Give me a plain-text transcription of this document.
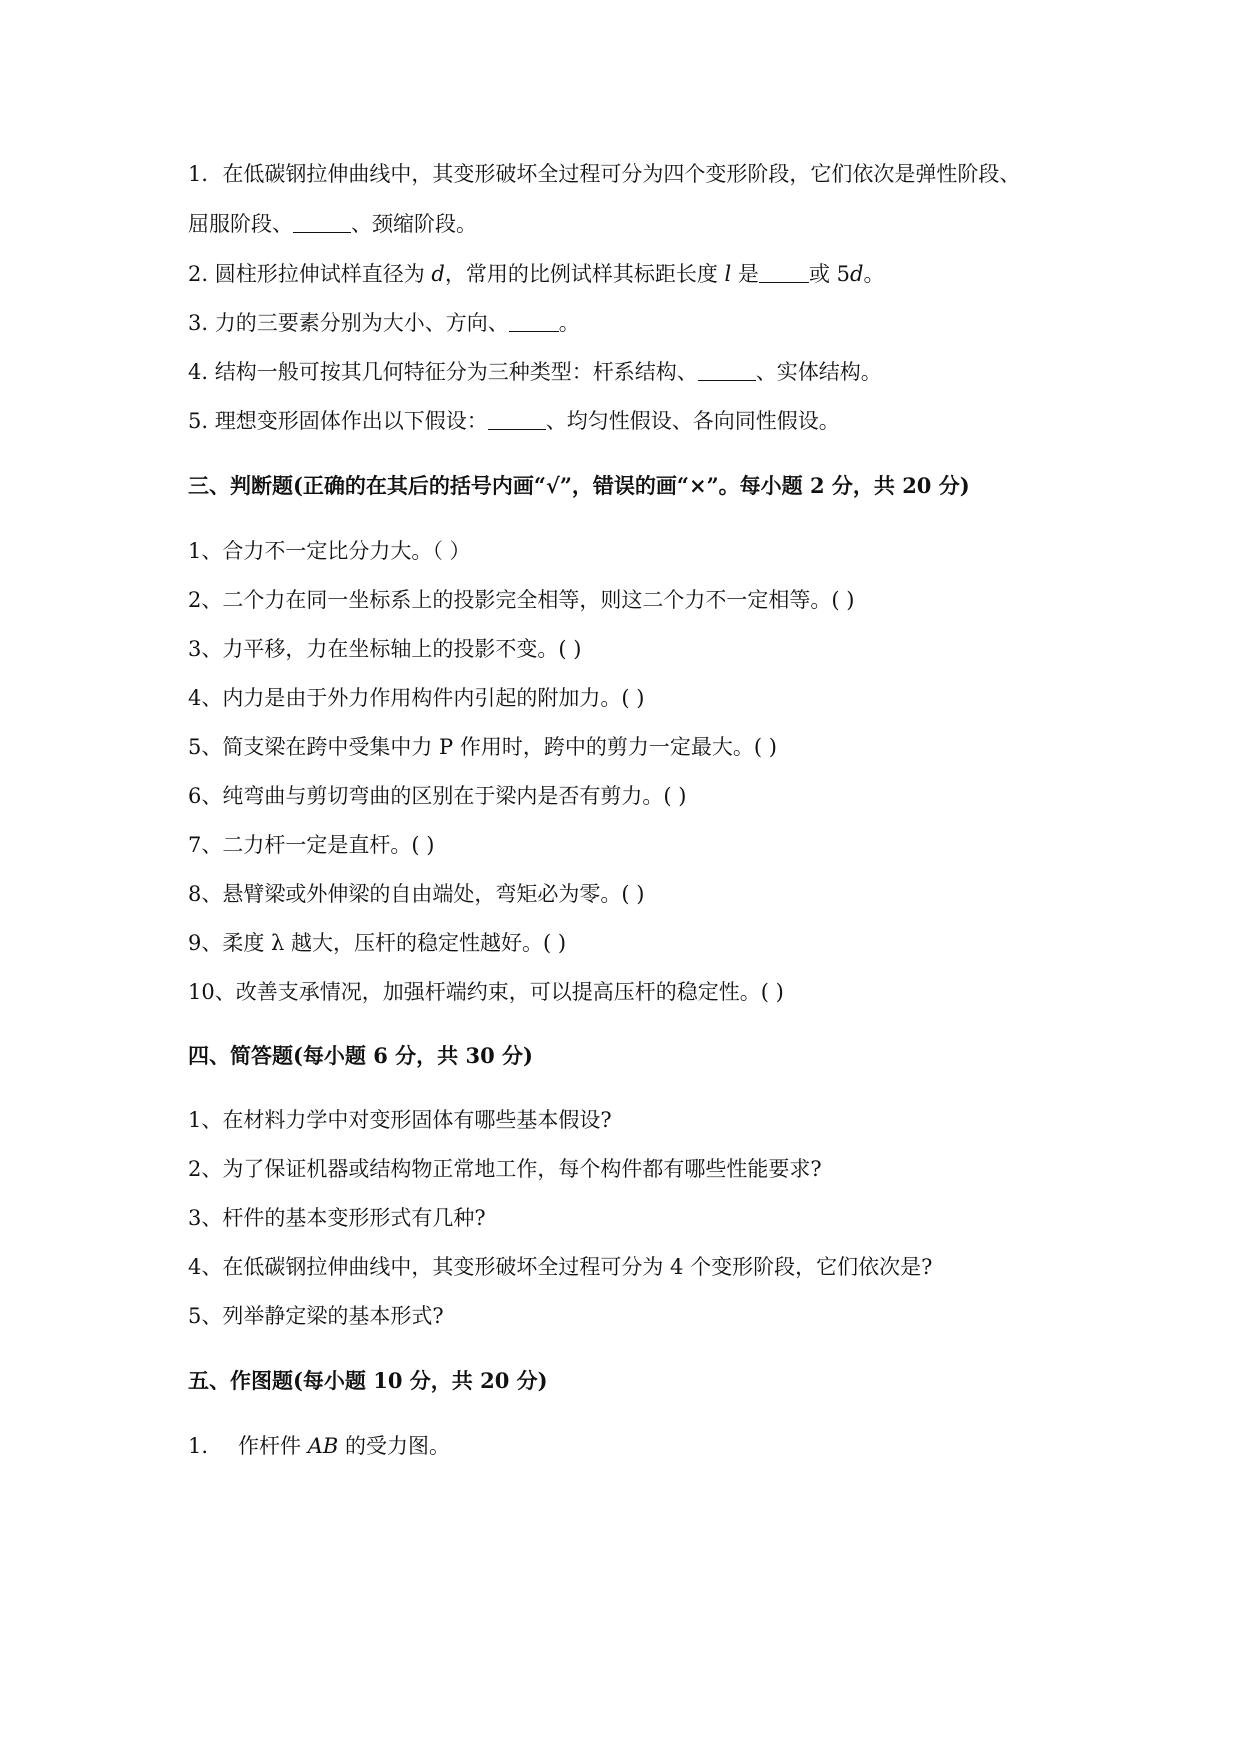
1．在低碳钢拉伸曲线中，其变形破坏全过程可分为四个变形阶段，它们依次是弹性阶段、
屈服阶段、	、颈缩阶段。
2. 圆柱形拉伸试样直径为 d，常用的比例试样其标距长度 l 是 或 5d。
3. 力的三要素分别为大小、方向、 。
4. 结构一般可按其几何特征分为三种类型：杆系结构、	、实体结构。
5. 理想变形固体作出以下假设：	、均匀性假设、各向同性假设。
三、判断题(正确的在其后的括号内画“√”，错误的画“×”。每小题 2 分，共 20 分)
1、合力不一定比分力大。（ ）
2、二个力在同一坐标系上的投影完全相等，则这二个力不一定相等。( )
3、力平移，力在坐标轴上的投影不变。( )
4、内力是由于外力作用构件内引起的附加力。( )
5、简支梁在跨中受集中力 P 作用时，跨中的剪力一定最大。( )
6、纯弯曲与剪切弯曲的区别在于梁内是否有剪力。( )
7、二力杆一定是直杆。( )
8、悬臂梁或外伸梁的自由端处，弯矩必为零。( )
9、柔度 λ 越大，压杆的稳定性越好。( )
10、改善支承情况，加强杆端约束，可以提高压杆的稳定性。( )
四、简答题(每小题 6 分，共 30 分)
1、在材料力学中对变形固体有哪些基本假设?
2、为了保证机器或结构物正常地工作，每个构件都有哪些性能要求?
3、杆件的基本变形形式有几种?
4、在低碳钢拉伸曲线中，其变形破坏全过程可分为 4 个变形阶段，它们依次是?
5、列举静定梁的基本形式?
五、作图题(每小题 10 分，共 20 分)
1. 作杆件 AB 的受力图。
